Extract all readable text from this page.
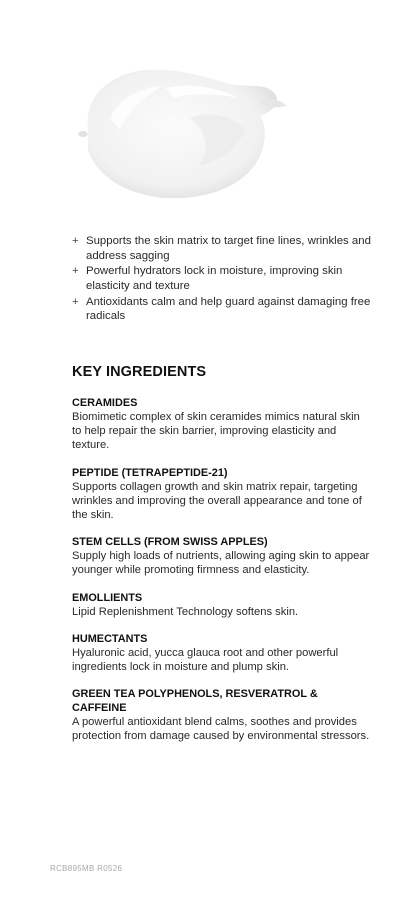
+ Supports the skin matrix to target fine lines, wrinkles and address sagging
+ Powerful hydrators lock in moisture, improving skin elasticity and texture
+ Antioxidants calm and help guard against damaging free radicals
KEY INGREDIENTS
CERAMIDES
Biomimetic complex of skin ceramides mimics natural skin to help repair the skin barrier, improving elasticity and texture.
PEPTIDE (TETRAPEPTIDE-21)
Supports collagen growth and skin matrix repair, targeting wrinkles and improving the overall appearance and tone of the skin.
STEM CELLS (FROM SWISS APPLES)
Supply high loads of nutrients, allowing aging skin to appear younger while promoting firmness and elasticity.
EMOLLIENTS
Lipid Replenishment Technology softens skin.
HUMECTANTS
Hyaluronic acid, yucca glauca root and other powerful ingredients lock in moisture and plump skin.
GREEN TEA POLYPHENOLS, RESVERATROL & CAFFEINE
A powerful antioxidant blend calms, soothes and provides protection from damage caused by environmental stressors.
RCB895MB R0526
